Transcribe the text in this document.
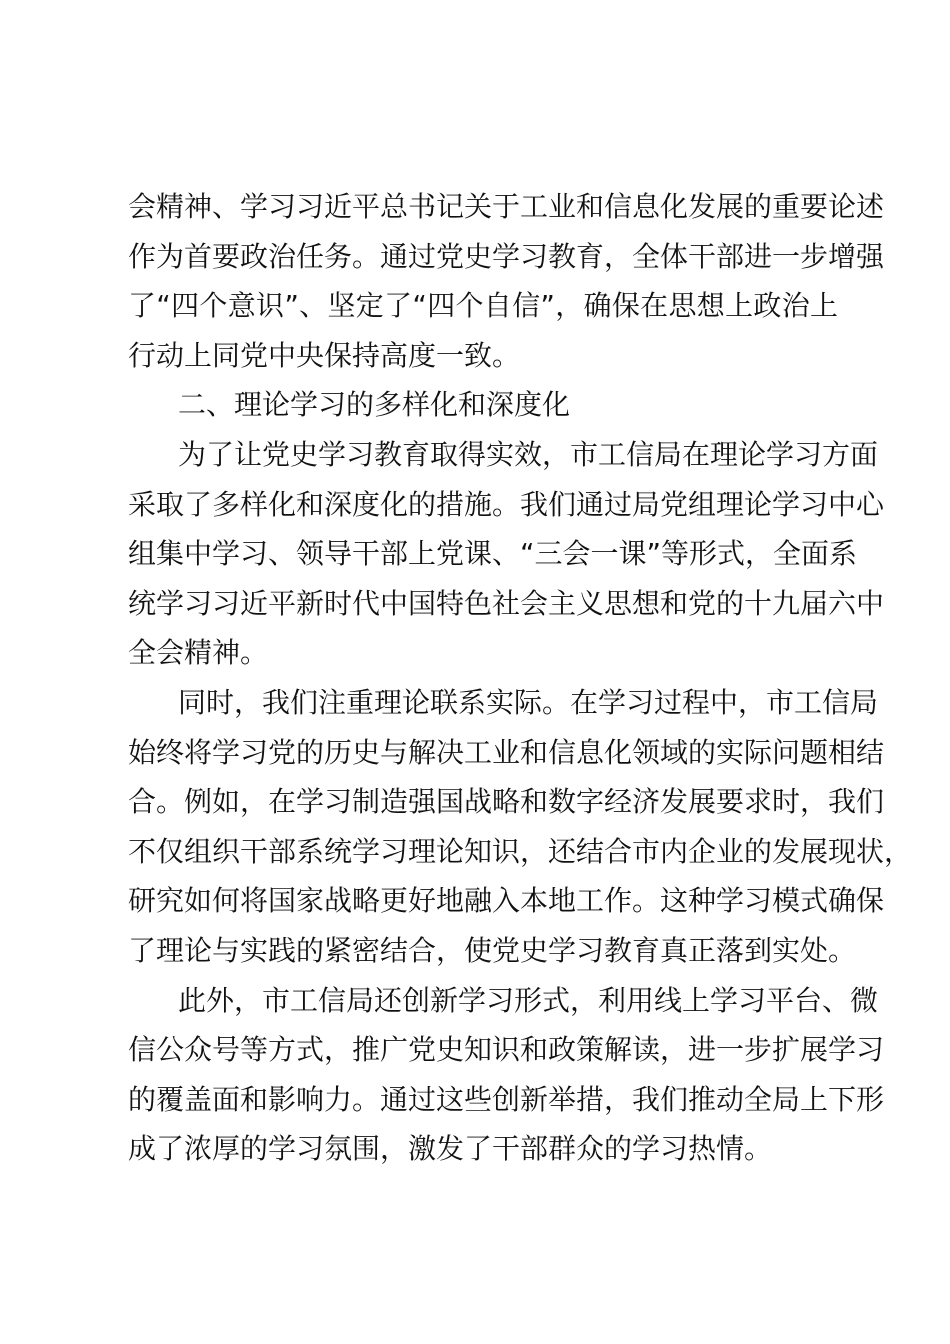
会精神、学习习近平总书记关于工业和信息化发展的重要论述
作为首要政治任务。通过党史学习教育，全体干部进一步增强
了“四个意识”、坚定了“四个自信”，确保在思想上政治上
行动上同党中央保持高度一致。
二、理论学习的多样化和深度化
为了让党史学习教育取得实效，市工信局在理论学习方面
采取了多样化和深度化的措施。我们通过局党组理论学习中心
组集中学习、领导干部上党课、“三会一课”等形式，全面系
统学习习近平新时代中国特色社会主义思想和党的十九届六中
全会精神。
同时，我们注重理论联系实际。在学习过程中，市工信局
始终将学习党的历史与解决工业和信息化领域的实际问题相结
合。例如，在学习制造强国战略和数字经济发展要求时，我们
不仅组织干部系统学习理论知识，还结合市内企业的发展现状，
研究如何将国家战略更好地融入本地工作。这种学习模式确保
了理论与实践的紧密结合，使党史学习教育真正落到实处。
此外，市工信局还创新学习形式，利用线上学习平台、微
信公众号等方式，推广党史知识和政策解读，进一步扩展学习
的覆盖面和影响力。通过这些创新举措，我们推动全局上下形
成了浓厚的学习氛围，激发了干部群众的学习热情。
